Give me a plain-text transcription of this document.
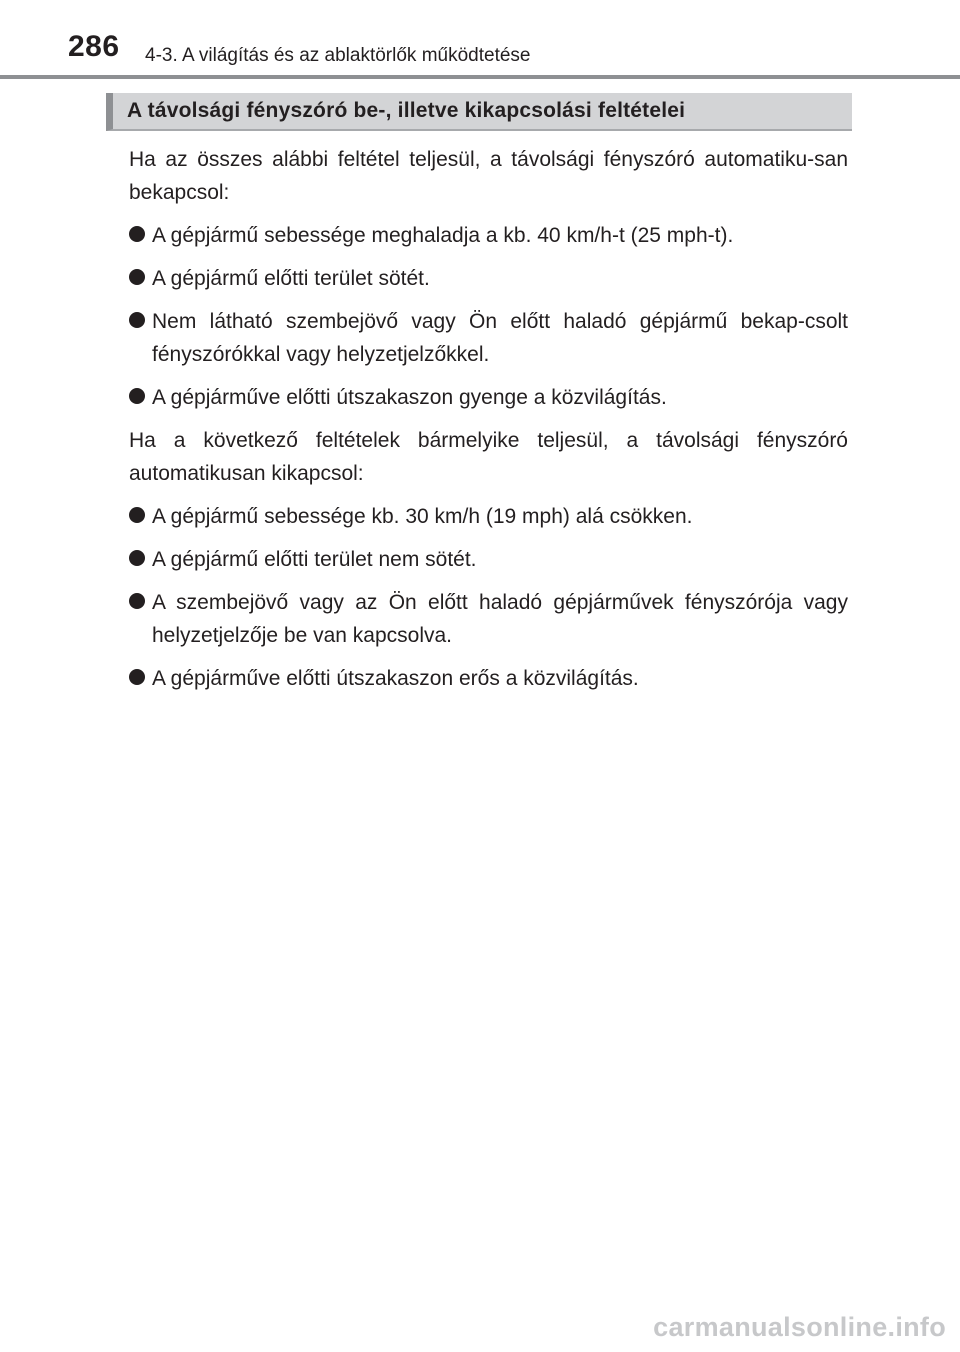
286 4-3. A világítás és az ablaktörlők működtetése
A távolsági fényszóró be-, illetve kikapcsolási feltételei

Ha az összes alábbi feltétel teljesül, a távolsági fényszóró automatiku-san bekapcsol:

A gépjármű sebessége meghaladja a kb. 40 km/h-t (25 mph-t).
A gépjármű előtti terület sötét.
Nem látható szembejövő vagy Ön előtt haladó gépjármű bekap-csolt fényszórókkal vagy helyzetjelzőkkel.
A gépjárműve előtti útszakaszon gyenge a közvilágítás.

Ha a következő feltételek bármelyike teljesül, a távolsági fényszóró automatikusan kikapcsol:

A gépjármű sebessége kb. 30 km/h (19 mph) alá csökken.
A gépjármű előtti terület nem sötét.
A szembejövő vagy az Ön előtt haladó gépjárművek fényszórója vagy helyzetjelzője be van kapcsolva.
A gépjárműve előtti útszakaszon erős a közvilágítás.
carmanualsonline.info
